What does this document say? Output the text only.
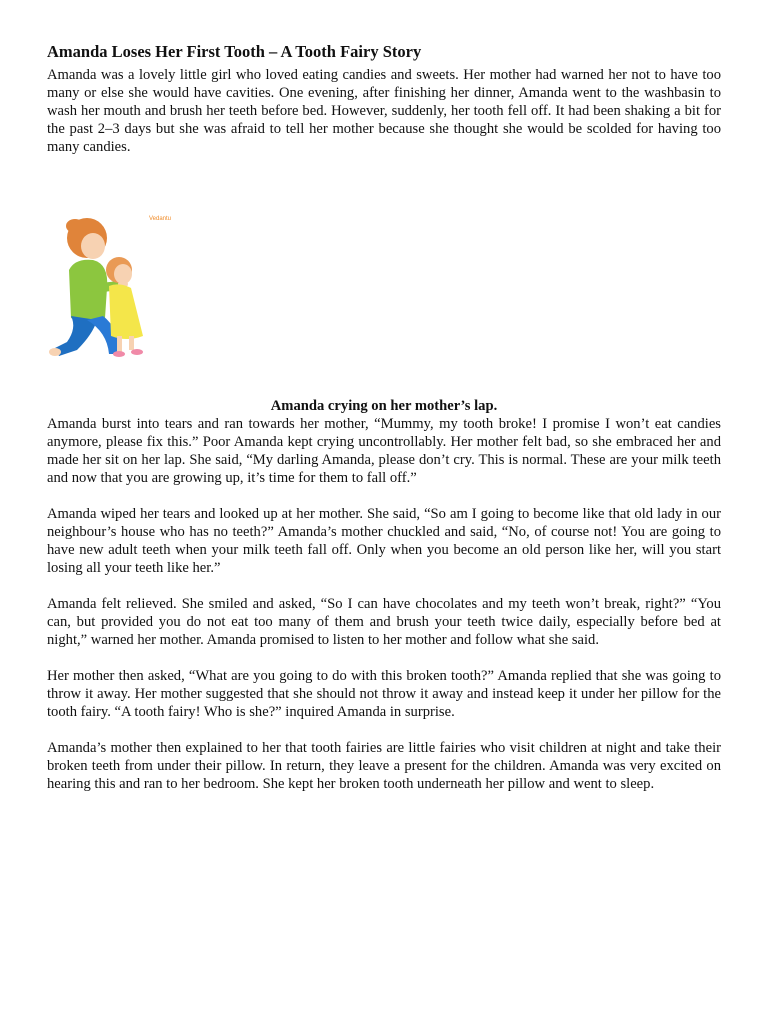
Amanda Loses Her First Tooth – A Tooth Fairy Story

Amanda was a lovely little girl who loved eating candies and sweets. Her mother had warned her not to have too many or else she would have cavities. One evening, after finishing her dinner, Amanda went to the washbasin to wash her mouth and brush her teeth before bed. However, suddenly, her tooth fell off. It had been shaking a bit for the past 2–3 days but she was afraid to tell her mother because she thought she would be scolded for having too many candies.

Vedantu
Amanda crying on her mother’s lap.

Amanda burst into tears and ran towards her mother, “Mummy, my tooth broke! I promise I won’t eat candies anymore, please fix this.” Poor Amanda kept crying uncontrollably. Her mother felt bad, so she embraced her and made her sit on her lap. She said, “My darling Amanda, please don’t cry. This is normal. These are your milk teeth and now that you are growing up, it’s time for them to fall off.”

Amanda wiped her tears and looked up at her mother. She said, “So am I going to become like that old lady in our neighbour’s house who has no teeth?” Amanda’s mother chuckled and said, “No, of course not! You are going to have new adult teeth when your milk teeth fall off. Only when you become an old person like her, will you start losing all your teeth like her.”

Amanda felt relieved. She smiled and asked, “So I can have chocolates and my teeth won’t break, right?” “You can, but provided you do not eat too many of them and brush your teeth twice daily, especially before bed at night,” warned her mother. Amanda promised to listen to her mother and follow what she said.

Her mother then asked, “What are you going to do with this broken tooth?” Amanda replied that she was going to throw it away. Her mother suggested that she should not throw it away and instead keep it under her pillow for the tooth fairy. “A tooth fairy! Who is she?” inquired Amanda in surprise.

Amanda’s mother then explained to her that tooth fairies are little fairies who visit children at night and take their broken teeth from under their pillow. In return, they leave a present for the children. Amanda was very excited on hearing this and ran to her bedroom. She kept her broken tooth underneath her pillow and went to sleep.
